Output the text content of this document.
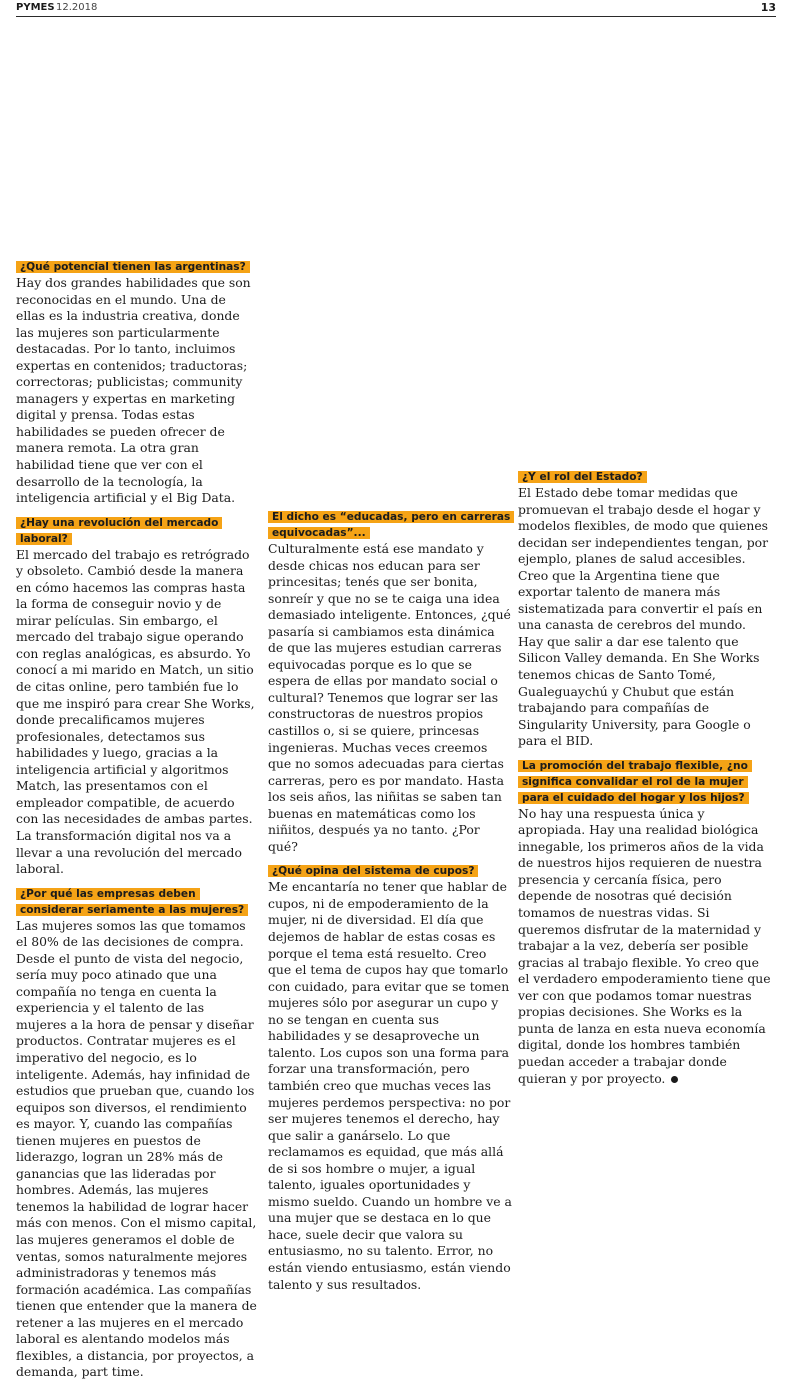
PYMES 12.2018	13
¿Qué potencial tienen las argentinas?

Hay dos grandes habilidades que son reconocidas en el mundo. Una de ellas es la industria creativa, donde las mujeres son particularmente destacadas. Por lo tanto, incluimos expertas en contenidos; traductoras; correctoras; publicistas; community managers y expertas en marketing digital y prensa. Todas estas habilidades se pueden ofrecer de manera remota. La otra gran habilidad tiene que ver con el desarrollo de la tecnología, la inteligencia artificial y el Big Data.

¿Hay una revolución del mercado laboral?

El mercado del trabajo es retrógrado y obsoleto. Cambió desde la manera en cómo hacemos las compras hasta la forma de conseguir novio y de mirar películas. Sin embargo, el mercado del trabajo sigue operando con reglas analógicas, es absurdo. Yo conocí a mi marido en Match, un sitio de citas online, pero también fue lo que me inspiró para crear She Works, donde precalificamos mujeres profesionales, detectamos sus habilidades y luego, gracias a la inteligencia artificial y algoritmos Match, las presentamos con el empleador compatible, de acuerdo con las necesidades de ambas partes. La transformación digital nos va a llevar a una revolución del mercado laboral.

¿Por qué las empresas deben considerar seriamente a las mujeres?

Las mujeres somos las que tomamos el 80% de las decisiones de compra. Desde el punto de vista del negocio, sería muy poco atinado que una compañía no tenga en cuenta la experiencia y el talento de las mujeres a la hora de pensar y diseñar productos. Contratar mujeres es el imperativo del negocio, es lo inteligente. Además, hay infinidad de estudios que prueban que, cuando los equipos son diversos, el rendimiento es mayor. Y, cuando las compañías tienen mujeres en puestos de liderazgo, logran un 28% más de ganancias que las lideradas por hombres. Además, las mujeres tenemos la habilidad de lograr hacer más con menos. Con el mismo capital, las mujeres generamos el doble de ventas, somos naturalmente mejores administradoras y tenemos más formación académica. Las compañías tienen que entender que la manera de retener a las mujeres en el mercado laboral es alentando modelos más flexibles, a distancia, por proyectos, a demanda, part time.

El dicho es “educadas, pero en carreras equivocadas”...

Culturalmente está ese mandato y desde chicas nos educan para ser princesitas; tenés que ser bonita, sonreír y que no se te caiga una idea demasiado inteligente. Entonces, ¿qué pasaría si cambiamos esta dinámica de que las mujeres estudian carreras equivocadas porque es lo que se espera de ellas por mandato social o cultural? Tenemos que lograr ser las constructoras de nuestros propios castillos o, si se quiere, princesas ingenieras. Muchas veces creemos que no somos adecuadas para ciertas carreras, pero es por mandato. Hasta los seis años, las niñitas se saben tan buenas en matemáticas como los niñitos, después ya no tanto. ¿Por qué?

¿Qué opina del sistema de cupos?

Me encantaría no tener que hablar de cupos, ni de empoderamiento de la mujer, ni de diversidad. El día que dejemos de hablar de estas cosas es porque el tema está resuelto. Creo que el tema de cupos hay que tomarlo con cuidado, para evitar que se tomen mujeres sólo por asegurar un cupo y no se tengan en cuenta sus habilidades y se desaproveche un talento. Los cupos son una forma para forzar una transformación, pero también creo que muchas veces las mujeres perdemos perspectiva: no por ser mujeres tenemos el derecho, hay que salir a ganárselo. Lo que reclamamos es equidad, que más allá de si sos hombre o mujer, a igual talento, iguales oportunidades y mismo sueldo. Cuando un hombre ve a una mujer que se destaca en lo que hace, suele decir que valora su entusiasmo, no su talento. Error, no están viendo entusiasmo, están viendo talento y sus resultados.

¿Y el rol del Estado?

El Estado debe tomar medidas que promuevan el trabajo desde el hogar y modelos flexibles, de modo que quienes decidan ser independientes tengan, por ejemplo, planes de salud accesibles. Creo que la Argentina tiene que exportar talento de manera más sistematizada para convertir el país en una canasta de cerebros del mundo. Hay que salir a dar ese talento que Silicon Valley demanda. En She Works tenemos chicas de Santo Tomé, Gualeguaychú y Chubut que están trabajando para compañías de Singularity University, para Google o para el BID.

La promoción del trabajo flexible, ¿no significa convalidar el rol de la mujer para el cuidado del hogar y los hijos?

No hay una respuesta única y apropiada. Hay una realidad biológica innegable, los primeros años de la vida de nuestros hijos requieren de nuestra presencia y cercanía física, pero depende de nosotras qué decisión tomamos de nuestras vidas. Si queremos disfrutar de la maternidad y trabajar a la vez, debería ser posible gracias al trabajo flexible. Yo creo que el verdadero empoderamiento tiene que ver con que podamos tomar nuestras propias decisiones. She Works es la punta de lanza en esta nueva economía digital, donde los hombres también puedan acceder a trabajar donde quieran y por proyecto.
